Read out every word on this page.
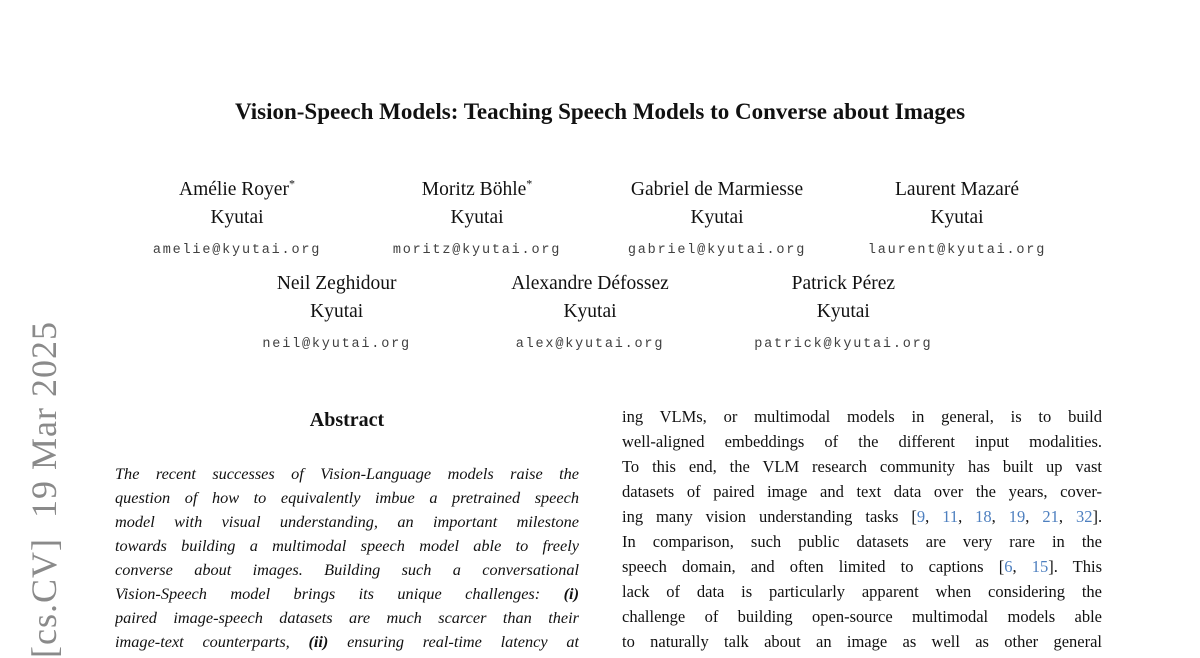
[cs.CV]  19 Mar 2025
Vision-Speech Models: Teaching Speech Models to Converse about Images
Amélie Royer*
Kyutai
amelie@kyutai.org
Moritz Böhle*
Kyutai
moritz@kyutai.org
Gabriel de Marmiesse
Kyutai
gabriel@kyutai.org
Laurent Mazaré
Kyutai
laurent@kyutai.org
Neil Zeghidour
Kyutai
neil@kyutai.org
Alexandre Défossez
Kyutai
alex@kyutai.org
Patrick Pérez
Kyutai
patrick@kyutai.org
Abstract
The recent successes of Vision-Language models raise the
question of how to equivalently imbue a pretrained speech
model with visual understanding, an important milestone
towards building a multimodal speech model able to freely
converse about images. Building such a conversational
Vision-Speech model brings its unique challenges: (i)
paired image-speech datasets are much scarcer than their
image-text counterparts, (ii) ensuring real-time latency at
ing VLMs, or multimodal models in general, is to build
well-aligned embeddings of the different input modalities.
To this end, the VLM research community has built up vast
datasets of paired image and text data over the years, cover-
ing many vision understanding tasks [9, 11, 18, 19, 21, 32].
In comparison, such public datasets are very rare in the
speech domain, and often limited to captions [6, 15]. This
lack of data is particularly apparent when considering the
challenge of building open-source multimodal models able
to naturally talk about an image as well as other general
